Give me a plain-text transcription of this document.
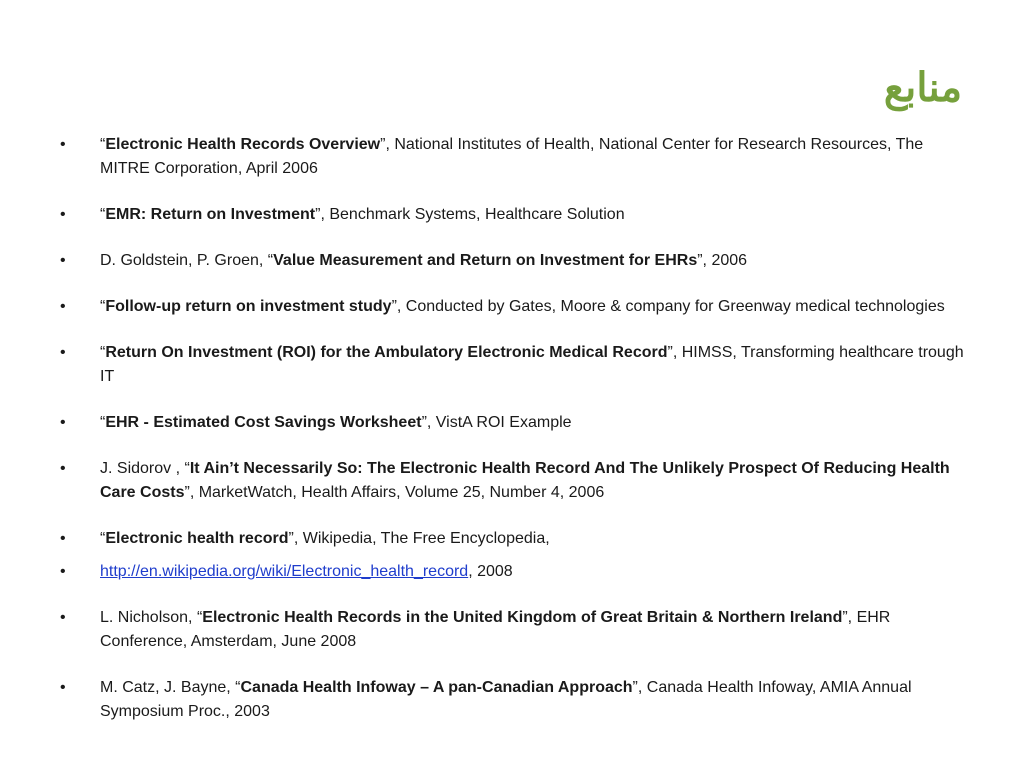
منابع
•	“Electronic Health Records Overview”, National Institutes of Health, National Center for Research Resources, The MITRE Corporation, April 2006
•	“EMR: Return on Investment”, Benchmark Systems, Healthcare Solution
•	D. Goldstein, P. Groen, “Value Measurement and Return on Investment for EHRs”, 2006
•	“Follow-up return on investment study”, Conducted by Gates, Moore & company for Greenway medical technologies
•	“Return On Investment (ROI) for the Ambulatory Electronic Medical Record”, HIMSS, Transforming healthcare trough IT
•	“EHR - Estimated Cost Savings Worksheet”, VistA ROI Example
•	J. Sidorov , “It Ain’t Necessarily So: The Electronic Health Record And The Unlikely Prospect Of Reducing Health Care Costs”, MarketWatch, Health Affairs, Volume 25, Number 4, 2006
•	“Electronic health record”, Wikipedia, The Free Encyclopedia,
•	http://en.wikipedia.org/wiki/Electronic_health_record, 2008
•	L. Nicholson, “Electronic Health Records in the United Kingdom of Great Britain & Northern Ireland”, EHR Conference, Amsterdam, June 2008
•	M. Catz, J. Bayne, “Canada Health Infoway – A pan-Canadian Approach”, Canada Health Infoway, AMIA Annual Symposium Proc., 2003
